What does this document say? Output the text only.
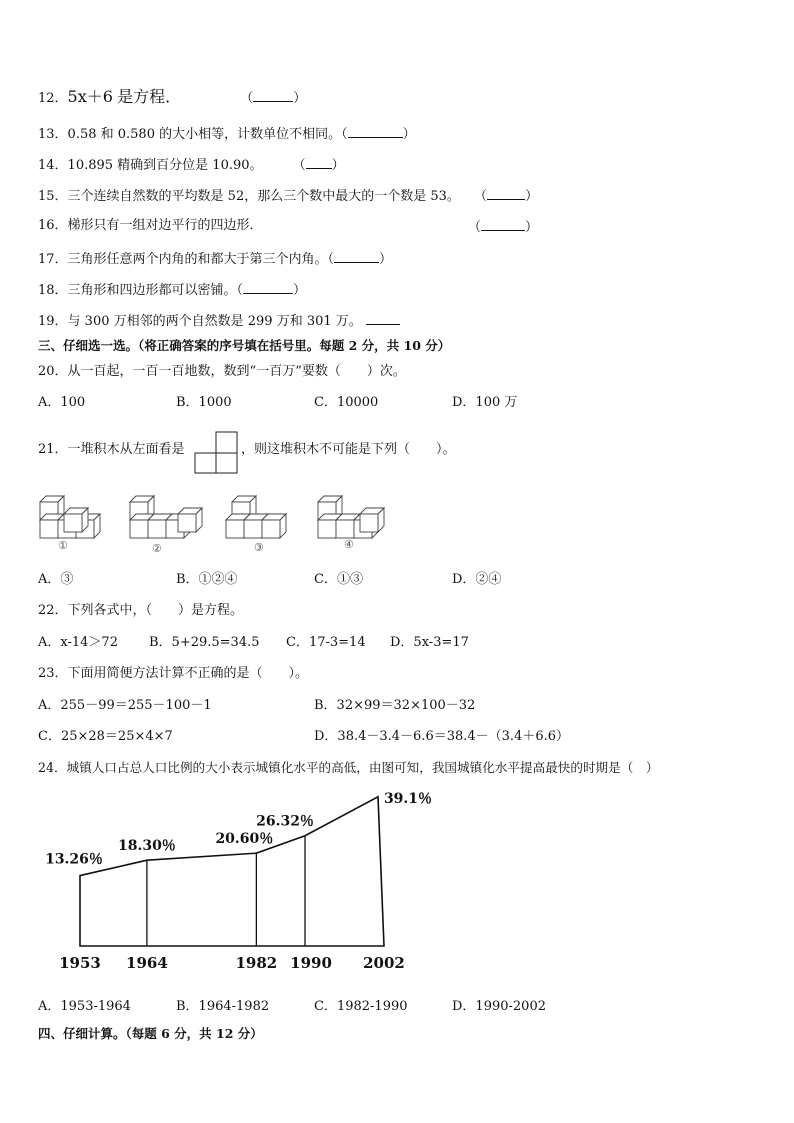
12．5x＋6 是方程．	（	）
13．0.58 和 0.580 的大小相等，计数单位不相同。（	）
14．10.895 精确到百分位是 10.90。 （ ）
15．三个连续自然数的平均数是 52，那么三个数中最大的一个数是 53。 （	）
16．梯形只有一组对边平行的四边形．	（	）
17．三角形任意两个内角的和都大于第三个内角。（	）
18．三角形和四边形都可以密铺。（	）
19．与 300 万相邻的两个自然数是 299 万和 301 万。
三、仔细选一选。（将正确答案的序号填在括号里。每题 2 分，共 10 分）
20．从一百起，一百一百地数，数到“一百万”要数（　　）次。
A．100	B．1000	C．10000	D．100 万
21．一堆积木从左面看是	，则这堆积木不可能是下列（　　）。
①	②	③	④
A．③	B．①②④	C．①③	D．②④
22．下列各式中，（　　）是方程。
A．x-14＞72 B．5+29.5=34.5 C．17-3=14 D．5x-3=17
23．下面用简便方法计算不正确的是（　　）。
A．255－99＝255－100－1	B．32×99＝32×100－32
C．25×28＝25×4×7	D．38.4－3.4－6.6＝38.4－（3.4＋6.6）
24．城镇人口占总人口比例的大小表示城镇化水平的高低，由图可知，我国城镇化水平提高最快的时期是（　）
1953 1964	1982 1990 2002
13.26％
18.30％	20.60％
26.32％
39.1％
A．1953-1964	B．1964-1982	C．1982-1990	D．1990-2002
四、仔细计算。（每题 6 分，共 12 分）
